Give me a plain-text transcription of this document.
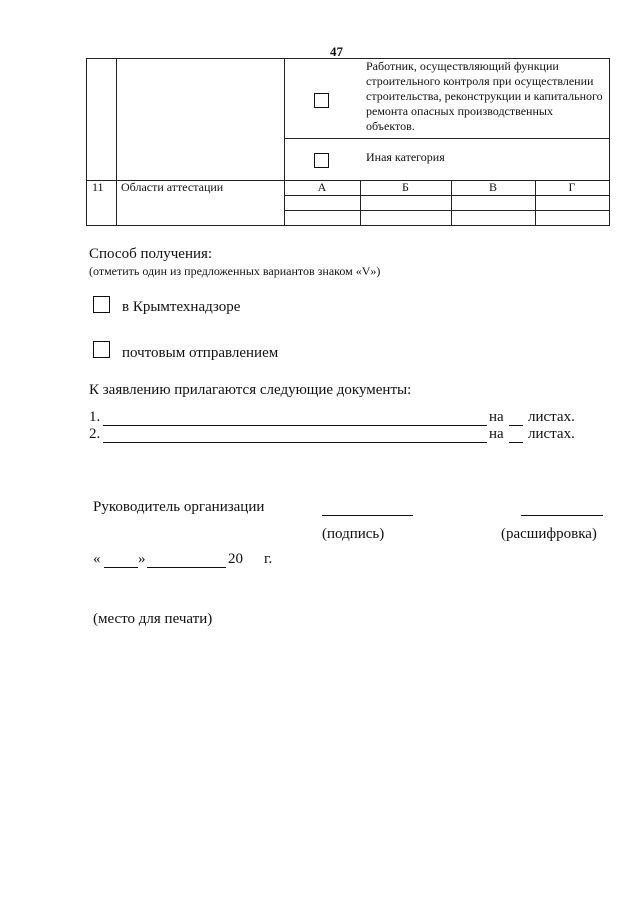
47
Работник, осуществляющий функции строительного контроля при осуществлении строительства, реконструкции и капитального ремонта опасных производственных объектов.
Иная категория
11 Области аттестации	А	Б	В	Г
Способ получения:
(отметить один из предложенных вариантов знаком «V»)
в Крымтехнадзоре
почтовым отправлением
К заявлению прилагаются следующие документы:
1.	на листах.
2.	на листах.
Руководитель организации
(подпись)	(расшифровка)
«	»	20 г.
(место для печати)
